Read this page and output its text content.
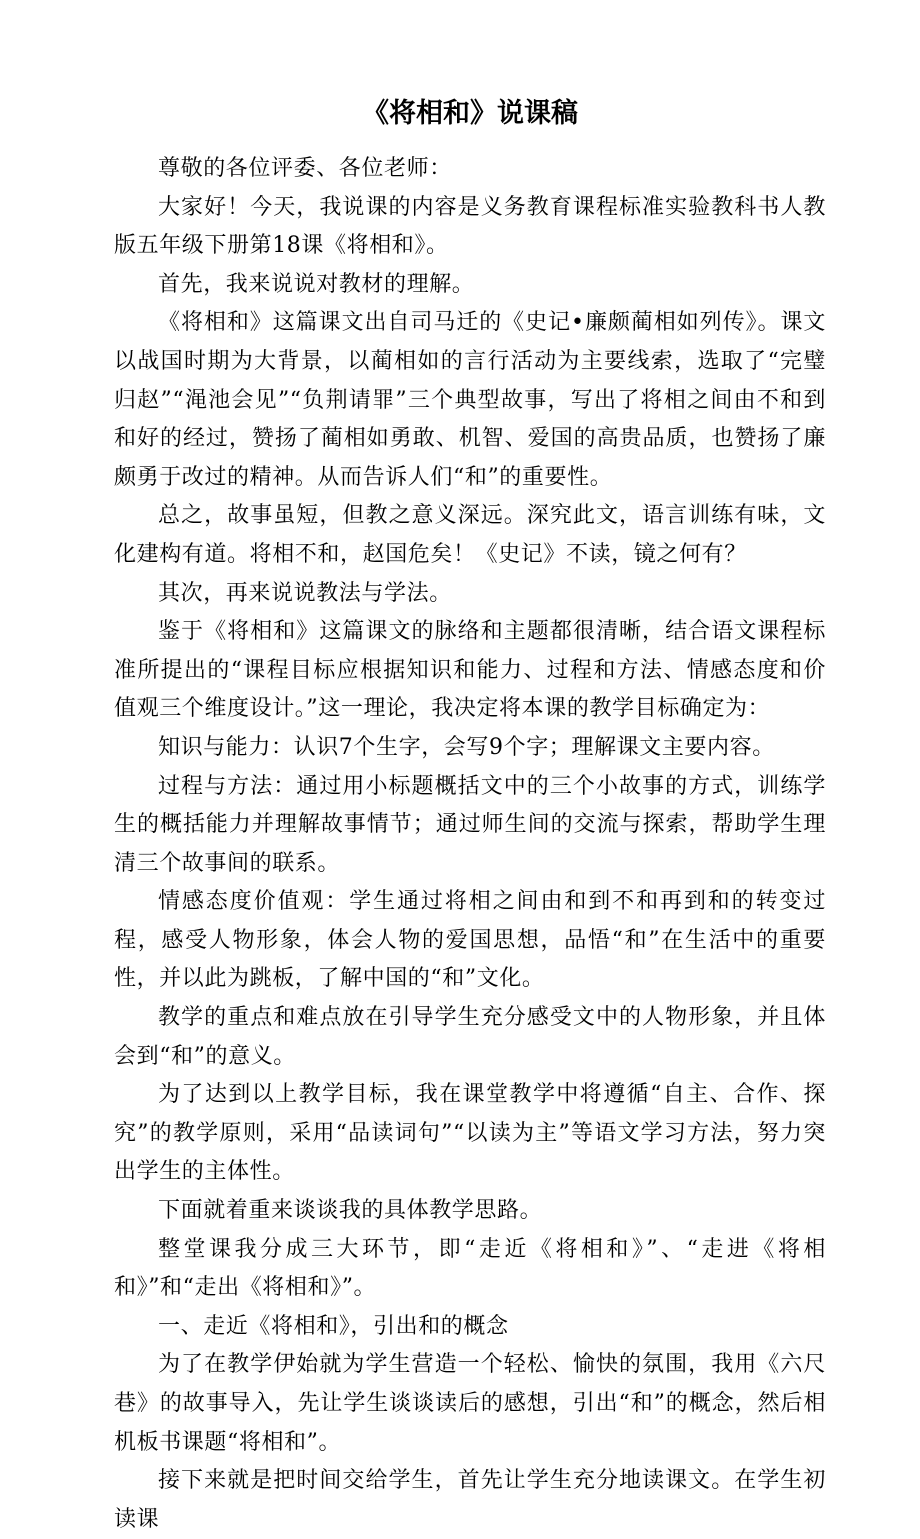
《将相和》说课稿

尊敬的各位评委、各位老师：

大家好！今天，我说课的内容是义务教育课程标准实验教科书人教版五年级下册第18课《将相和》。

首先，我来说说对教材的理解。

《将相和》这篇课文出自司马迁的《史记•廉颇蔺相如列传》。课文以战国时期为大背景，以蔺相如的言行活动为主要线索，选取了“完璧归赵”“渑池会见”“负荆请罪”三个典型故事，写出了将相之间由不和到和好的经过，赞扬了蔺相如勇敢、机智、爱国的高贵品质，也赞扬了廉颇勇于改过的精神。从而告诉人们“和”的重要性。

总之，故事虽短，但教之意义深远。深究此文，语言训练有味，文化建构有道。将相不和，赵国危矣！《史记》不读，镜之何有？

其次，再来说说教法与学法。

鉴于《将相和》这篇课文的脉络和主题都很清晰，结合语文课程标准所提出的“课程目标应根据知识和能力、过程和方法、情感态度和价值观三个维度设计。”这一理论，我决定将本课的教学目标确定为：

知识与能力：认识7个生字，会写9个字；理解课文主要内容。

过程与方法：通过用小标题概括文中的三个小故事的方式，训练学生的概括能力并理解故事情节；通过师生间的交流与探索，帮助学生理清三个故事间的联系。

情感态度价值观：学生通过将相之间由和到不和再到和的转变过程，感受人物形象，体会人物的爱国思想，品悟“和”在生活中的重要性，并以此为跳板，了解中国的“和”文化。

教学的重点和难点放在引导学生充分感受文中的人物形象，并且体会到“和”的意义。

为了达到以上教学目标，我在课堂教学中将遵循“自主、合作、探究”的教学原则，采用“品读词句”“以读为主”等语文学习方法，努力突出学生的主体性。

下面就着重来谈谈我的具体教学思路。

整堂课我分成三大环节，即“走近《将相和》”、“走进《将相和》”和“走出《将相和》”。

一、走近《将相和》，引出和的概念

为了在教学伊始就为学生营造一个轻松、愉快的氛围，我用《六尺巷》的故事导入，先让学生谈谈读后的感想，引出“和”的概念，然后相机板书课题“将相和”。

接下来就是把时间交给学生，首先让学生充分地读课文。在学生初读课
